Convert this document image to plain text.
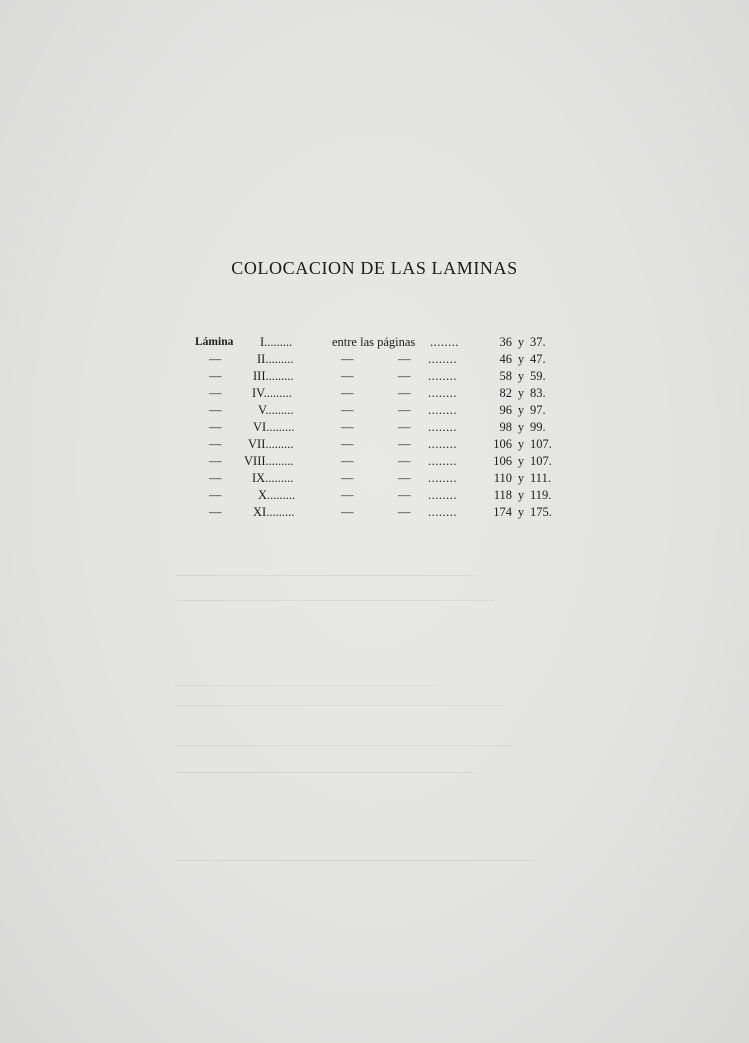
COLOCACION DE LAS LAMINAS
Lámina	I.........	entre las páginas ........	36 y 37.
—	II.........	—	— ........	46 y 47.
—	III.........	—	— ........	58 y 59.
—	IV.........	—	— ........	82 y 83.
—	V.........	—	— ........	96 y 97.
—	VI.........	—	— ........	98 y 99.
—	VII.........	—	— ........	106 y 107.
—	VIII.........	—	— ........	106 y 107.
—	IX.........	—	— ........	110 y 111.
—	X.........	—	— ........	118 y 119.
—	XI.........	—	— ........	174 y 175.
